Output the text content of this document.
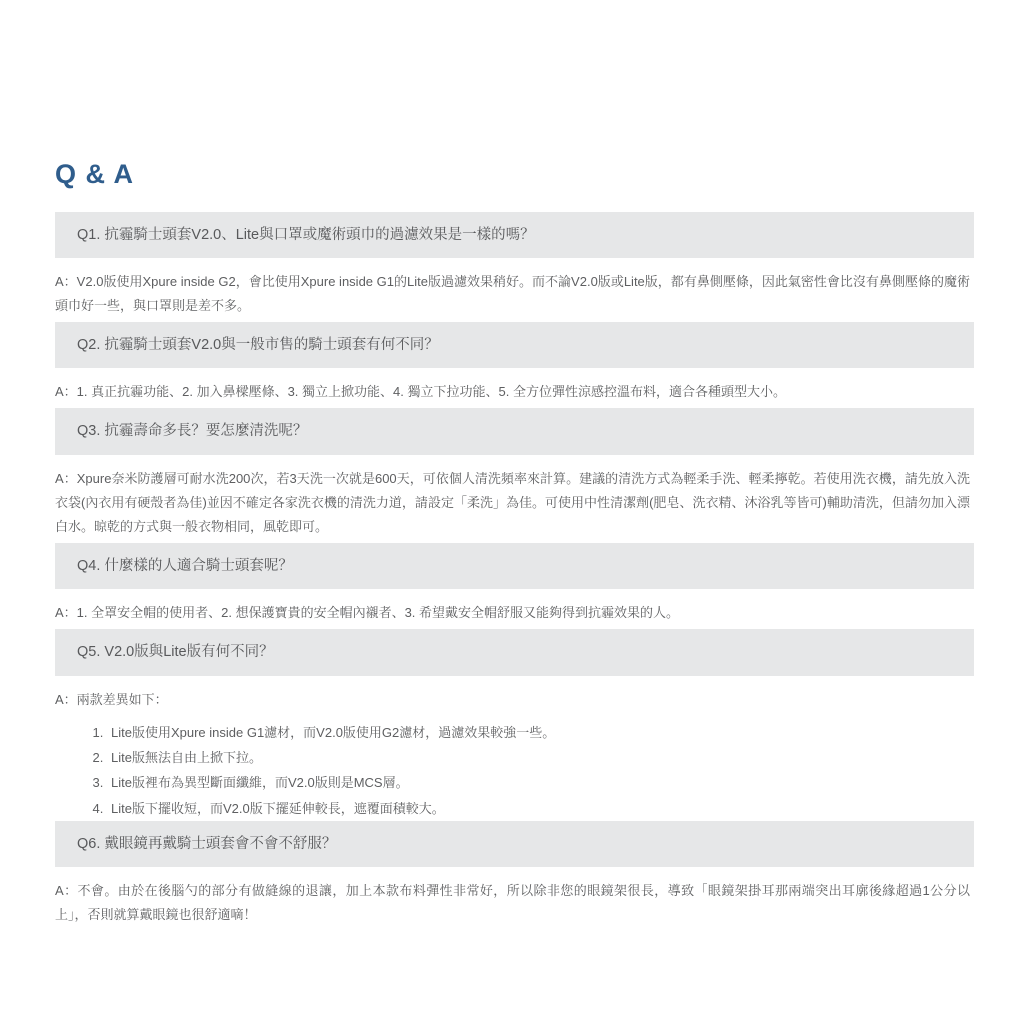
Q & A
Q1. 抗霾騎士頭套V2.0、Lite與口罩或魔術頭巾的過濾效果是一樣的嗎？
A：V2.0版使用Xpure inside G2，會比使用Xpure inside G1的Lite版過濾效果稍好。而不論V2.0版或Lite版，都有鼻側壓條，因此氣密性會比沒有鼻側壓條的魔術頭巾好一些，與口罩則是差不多。
Q2. 抗霾騎士頭套V2.0與一般市售的騎士頭套有何不同？
A：1. 真正抗霾功能、2. 加入鼻樑壓條、3. 獨立上掀功能、4. 獨立下拉功能、5. 全方位彈性涼感控溫布料，適合各種頭型大小。
Q3. 抗霾壽命多長？要怎麼清洗呢？
A：Xpure奈米防護層可耐水洗200次，若3天洗一次就是600天，可依個人清洗頻率來計算。建議的清洗方式為輕柔手洗、輕柔擰乾。若使用洗衣機，請先放入洗衣袋(內衣用有硬殼者為佳)並因不確定各家洗衣機的清洗力道，請設定「柔洗」為佳。可使用中性清潔劑(肥皂、洗衣精、沐浴乳等皆可)輔助清洗，但請勿加入漂白水。晾乾的方式與一般衣物相同，風乾即可。
Q4. 什麼樣的人適合騎士頭套呢？
A：1. 全罩安全帽的使用者、2. 想保護寶貴的安全帽內襯者、3. 希望戴安全帽舒服又能夠得到抗霾效果的人。
Q5. V2.0版與Lite版有何不同？
A：兩款差異如下：
1. Lite版使用Xpure inside G1濾材，而V2.0版使用G2濾材，過濾效果較強一些。
2. Lite版無法自由上掀下拉。
3. Lite版裡布為異型斷面纖維，而V2.0版則是MCS層。
4. Lite版下擺收短，而V2.0版下擺延伸較長，遮覆面積較大。
Q6. 戴眼鏡再戴騎士頭套會不會不舒服？
A：不會。由於在後腦勺的部分有做縫線的退讓，加上本款布料彈性非常好，所以除非您的眼鏡架很長，導致「眼鏡架掛耳那兩端突出耳廓後緣超過1公分以上」，否則就算戴眼鏡也很舒適嘀！
